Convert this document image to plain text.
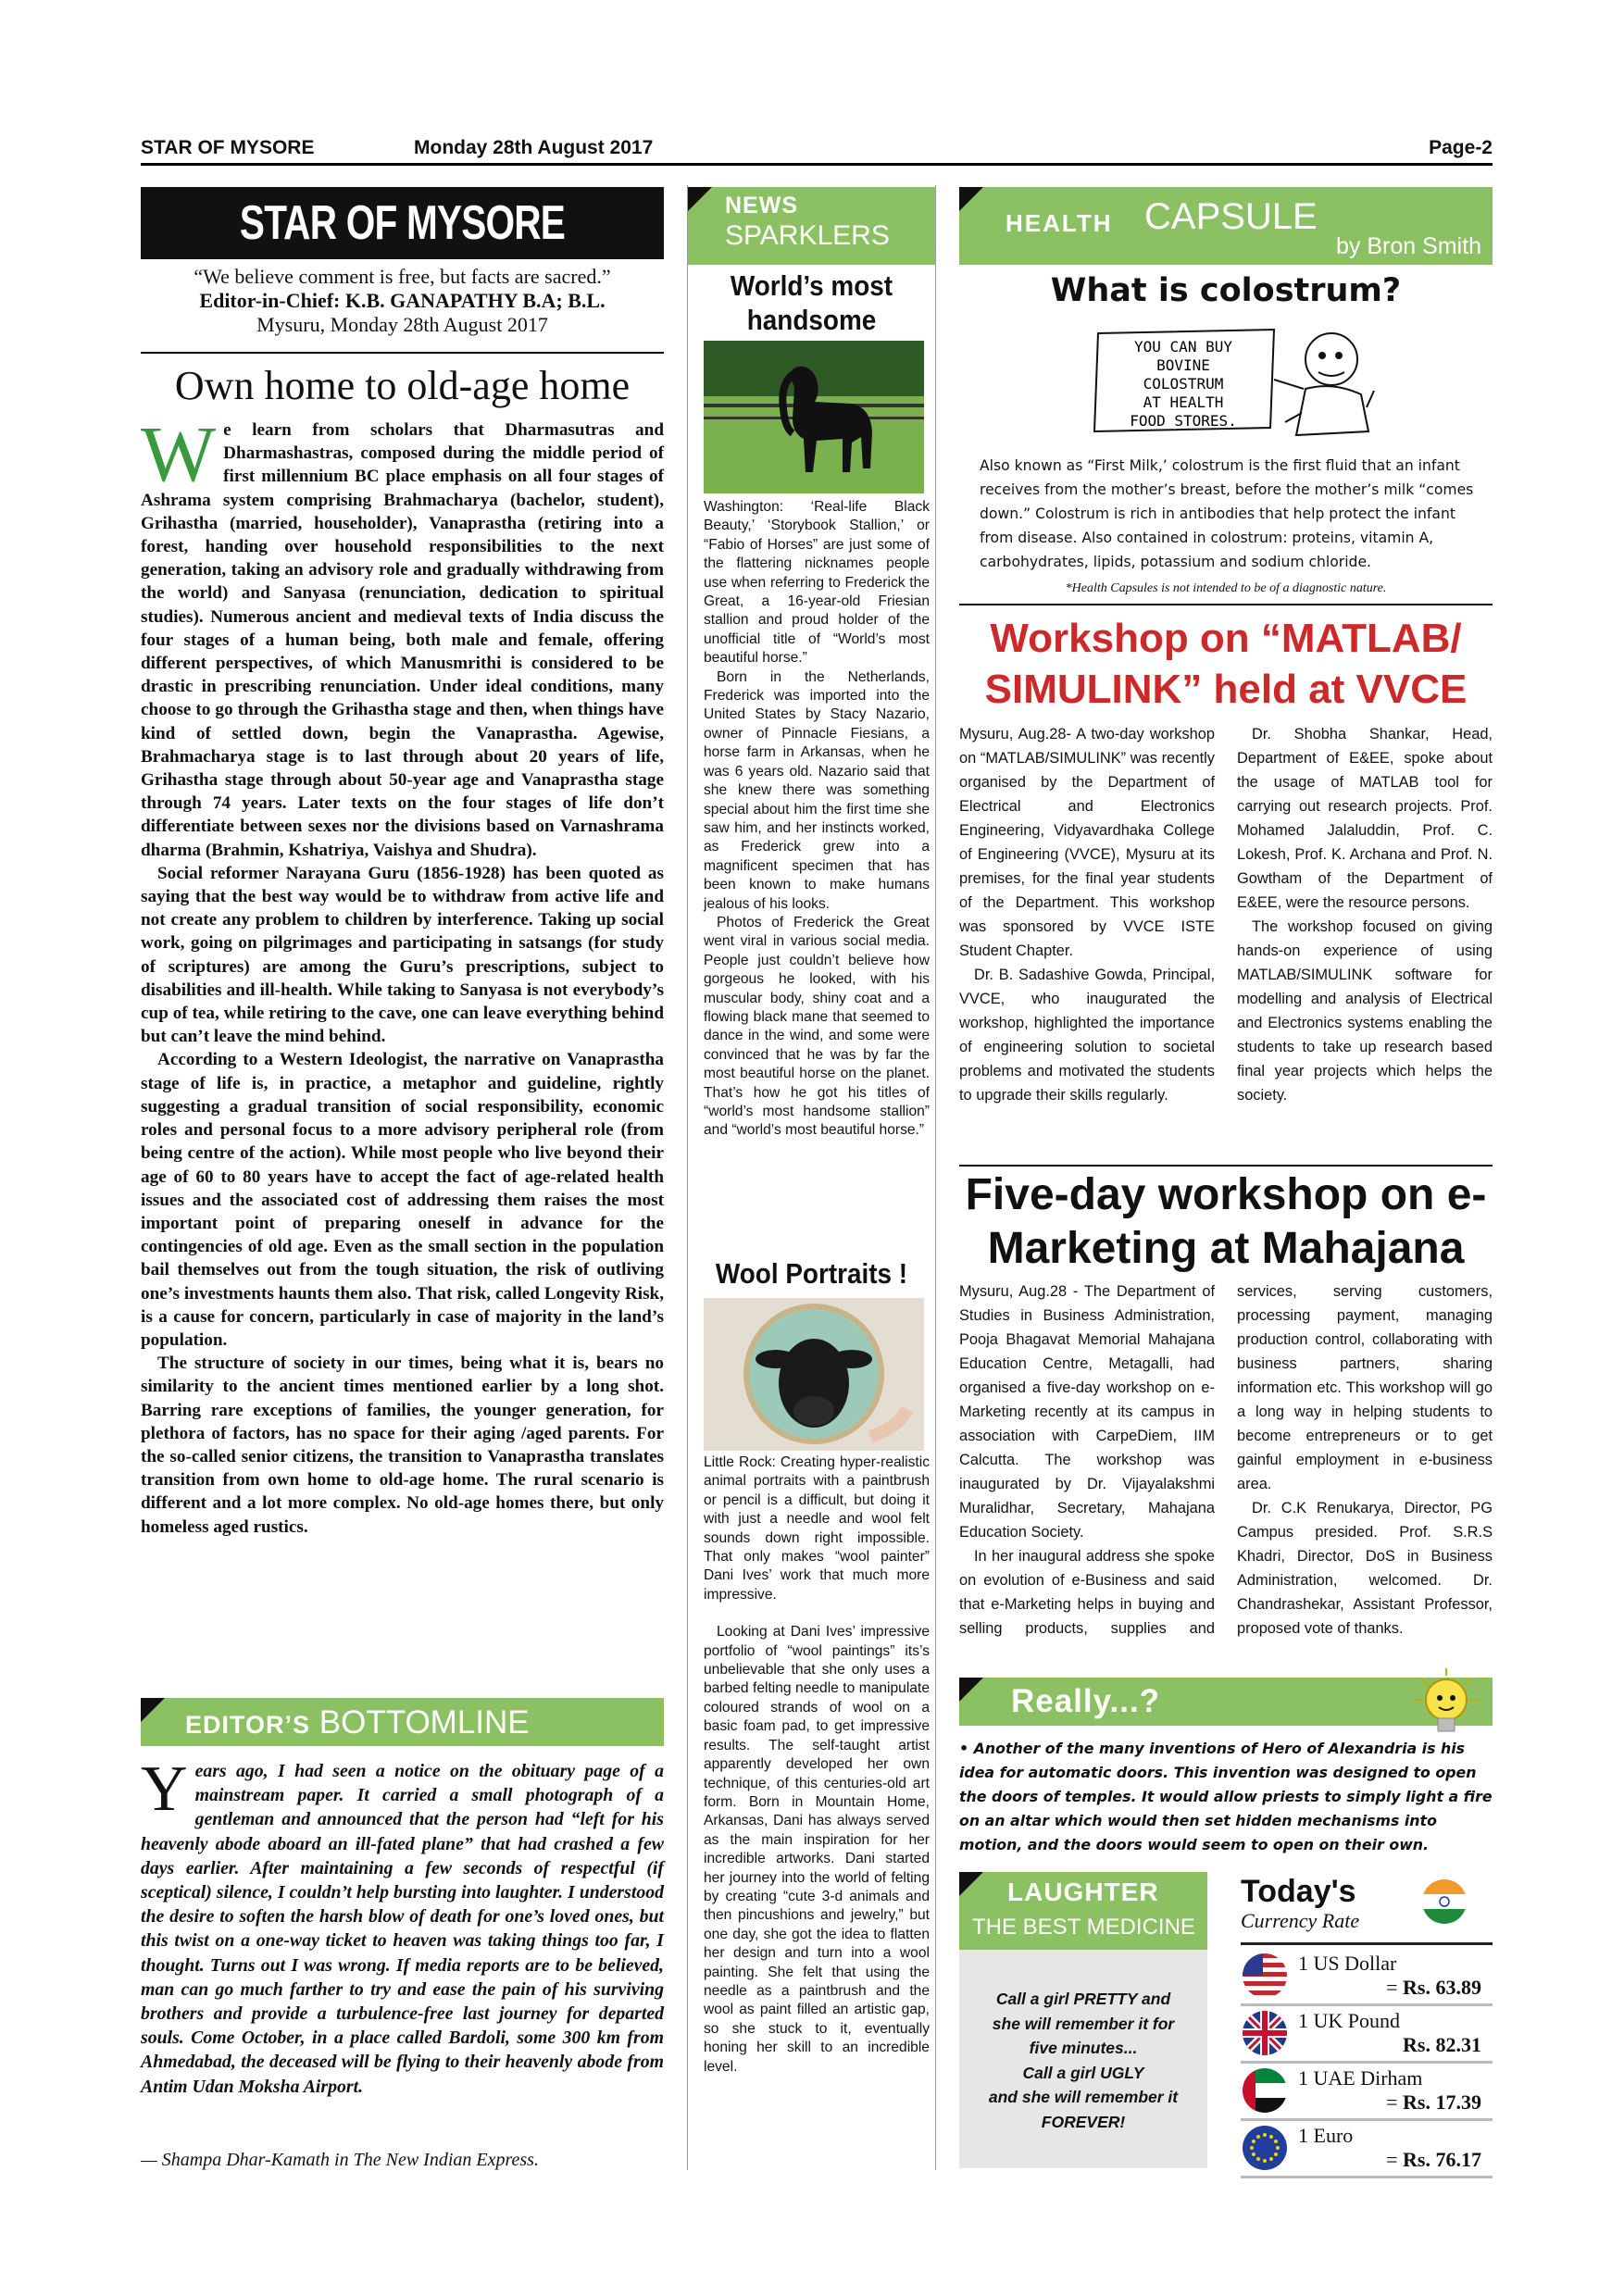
STAR OF MYSORE	Monday 28th August 2017	Page-2
STAR OF MYSORE
“We believe comment is free, but facts are sacred.”
Editor-in-Chief: K.B. GANAPATHY B.A; B.L.
Mysuru, Monday 28th August 2017
Own home to old-age home

We learn from scholars that Dharmasutras and Dharmashastras, composed during the middle period of first millennium BC place emphasis on all four stages of Ashrama system comprising Brahmacharya (bachelor, student), Grihastha (married, householder), Vanaprastha (retiring into a forest, handing over household responsibilities to the next generation, taking an advisory role and gradually withdrawing from the world) and Sanyasa (renunciation, dedication to spiritual studies). Numerous ancient and medieval texts of India discuss the four stages of a human being, both male and female, offering different perspectives, of which Manusmrithi is considered to be drastic in prescribing renunciation. Under ideal conditions, many choose to go through the Grihastha stage and then, when things have kind of settled down, begin the Vanaprastha. Agewise, Brahmacharya stage is to last through about 20 years of life, Grihastha stage through about 50-year age and Vanaprastha stage through 74 years. Later texts on the four stages of life don’t differentiate between sexes nor the divisions based on Varnashrama dharma (Brahmin, Kshatriya, Vaishya and Shudra).

Social reformer Narayana Guru (1856-1928) has been quoted as saying that the best way would be to withdraw from active life and not create any problem to children by interference. Taking up social work, going on pilgrimages and participating in satsangs (for study of scriptures) are among the Guru’s prescriptions, subject to disabilities and ill-health. While taking to Sanyasa is not everybody’s cup of tea, while retiring to the cave, one can leave everything behind but can’t leave the mind behind.

According to a Western Ideologist, the narrative on Vanaprastha stage of life is, in practice, a metaphor and guideline, rightly suggesting a gradual transition of social responsibility, economic roles and personal focus to a more advisory peripheral role (from being centre of the action). While most people who live beyond their age of 60 to 80 years have to accept the fact of age-related health issues and the associated cost of addressing them raises the most important point of preparing oneself in advance for the contingencies of old age. Even as the small section in the population bail themselves out from the tough situation, the risk of outliving one’s investments haunts them also. That risk, called Longevity Risk, is a cause for concern, particularly in case of majority in the land’s population.

The structure of society in our times, being what it is, bears no similarity to the ancient times mentioned earlier by a long shot. Barring rare exceptions of families, the younger generation, for plethora of factors, has no space for their aging /aged parents. For the so-called senior citizens, the transition to Vanaprastha translates transition from own home to old-age home. The rural scenario is different and a lot more complex. No old-age homes there, but only homeless aged rustics.

EDITOR’S BOTTOMLINE
Years ago, I had seen a notice on the obituary page of a mainstream paper. It carried a small photograph of a gentleman and announced that the person had “left for his heavenly abode aboard an ill-fated plane” that had crashed a few days earlier. After maintaining a few seconds of respectful (if sceptical) silence, I couldn’t help bursting into laughter. I understood the desire to soften the harsh blow of death for one’s loved ones, but this twist on a one-way ticket to heaven was taking things too far, I thought. Turns out I was wrong. If media reports are to be believed, man can go much farther to try and ease the pain of his surviving brothers and provide a turbulence-free last journey for departed souls. Come October, in a place called Bardoli, some 300 km from Ahmedabad, the deceased will be flying to their heavenly abode from Antim Udan Moksha Airport.
— Shampa Dhar-Kamath in The New Indian Express.
NEWS
SPARKLERS
World’s most handsome

Washington: ‘Real-life Black Beauty,’ ‘Storybook Stallion,’ or “Fabio of Horses” are just some of the flattering nicknames people use when referring to Frederick the Great, a 16-year-old Friesian stallion and proud holder of the unofficial title of “World’s most beautiful horse.”

Born in the Netherlands, Frederick was imported into the United States by Stacy Nazario, owner of Pinnacle Fiesians, a horse farm in Arkansas, when he was 6 years old. Nazario said that she knew there was something special about him the first time she saw him, and her instincts worked, as Frederick grew into a magnificent specimen that has been known to make humans jealous of his looks.

Photos of Frederick the Great went viral in various social media. People just couldn’t believe how gorgeous he looked, with his muscular body, shiny coat and a flowing black mane that seemed to dance in the wind, and some were convinced that he was by far the most beautiful horse on the planet. That’s how he got his titles of “world’s most handsome stallion” and “world’s most beautiful horse.”

Wool Portraits !

Little Rock: Creating hyper-realistic animal portraits with a paintbrush or pencil is a difficult, but doing it with just a needle and wool felt sounds down right impossible. That only makes “wool painter” Dani Ives’ work that much more impressive.

Looking at Dani Ives’ impressive portfolio of “wool paintings” its’s unbelievable that she only uses a barbed felting needle to manipulate coloured strands of wool on a basic foam pad, to get impressive results. The self-taught artist apparently developed her own technique, of this centuries-old art form. Born in Mountain Home, Arkansas, Dani has always served as the main inspiration for her incredible artworks. Dani started her journey into the world of felting by creating “cute 3-d animals and then pincushions and jewelry,” but one day, she got the idea to flatten her design and turn into a wool painting. She felt that using the needle as a paintbrush and the wool as paint filled an artistic gap, so she stuck to it, eventually honing her skill to an incredible level.

HEALTH CAPSULE
by Bron Smith
What is colostrum?
YOU CAN BUY
BOVINE
COLOSTRUM
AT HEALTH
FOOD STORES.
Also known as “First Milk,’ colostrum is the first fluid that an infant receives from the mother’s breast, before the mother’s milk “comes down.” Colostrum is rich in antibodies that help protect the infant from disease. Also contained in colostrum: proteins, vitamin A, carbohydrates, lipids, potassium and sodium chloride.
*Health Capsules is not intended to be of a diagnostic nature.
Workshop on “MATLAB/ SIMULINK” held at VVCE

Mysuru, Aug.28- A two-day workshop on “MATLAB/SIMULINK” was recently organised by the Department of Electrical and Electronics Engineering, Vidyavardhaka College of Engineering (VVCE), Mysuru at its premises, for the final year students of the Department. This workshop was sponsored by VVCE ISTE Student Chapter.

Dr. B. Sadashive Gowda, Principal, VVCE, who inaugurated the workshop, highlighted the importance of engineering solution to societal problems and motivated the students to upgrade their skills regularly.

Dr. Shobha Shankar, Head, Department of E&EE, spoke about the usage of MATLAB tool for carrying out research projects. Prof. Mohamed Jalaluddin, Prof. C. Lokesh, Prof. K. Archana and Prof. N. Gowtham of the Department of E&EE, were the resource persons.

The workshop focused on giving hands-on experience of using MATLAB/SIMULINK software for modelling and analysis of Electrical and Electronics systems enabling the students to take up research based final year projects which helps the society.

Five-day workshop on e-Marketing at Mahajana

Mysuru, Aug.28 - The Department of Studies in Business Administration, Pooja Bhagavat Memorial Mahajana Education Centre, Metagalli, had organised a five-day workshop on e-Marketing recently at its campus in association with CarpeDiem, IIM Calcutta. The workshop was inaugurated by Dr. Vijayalakshmi Muralidhar, Secretary, Mahajana Education Society.

In her inaugural address she spoke on evolution of e-Business and said that e-Marketing helps in buying and selling products, supplies and services, serving customers, processing payment, managing production control, collaborating with business partners, sharing information etc. This workshop will go a long way in helping students to become entrepreneurs or to get gainful employment in e-business area.

Dr. C.K Renukarya, Director, PG Campus presided. Prof. S.R.S Khadri, Director, DoS in Business Administration, welcomed. Dr. Chandrashekar, Assistant Professor, proposed vote of thanks.

Really...?
• Another of the many inventions of Hero of Alexandria is his idea for automatic doors. This invention was designed to open the doors of temples. It would allow priests to simply light a fire on an altar which would then set hidden mechanisms into motion, and the doors would seem to open on their own.
LAUGHTER
THE BEST MEDICINE
Call a girl PRETTY and
she will remember it for
five minutes...
Call a girl UGLY
and she will remember it
FOREVER!
Today's
Currency Rate
1 US Dollar
= Rs. 63.89
1 UK Pound
Rs. 82.31
1 UAE Dirham
= Rs. 17.39
1 Euro
= Rs. 76.17
